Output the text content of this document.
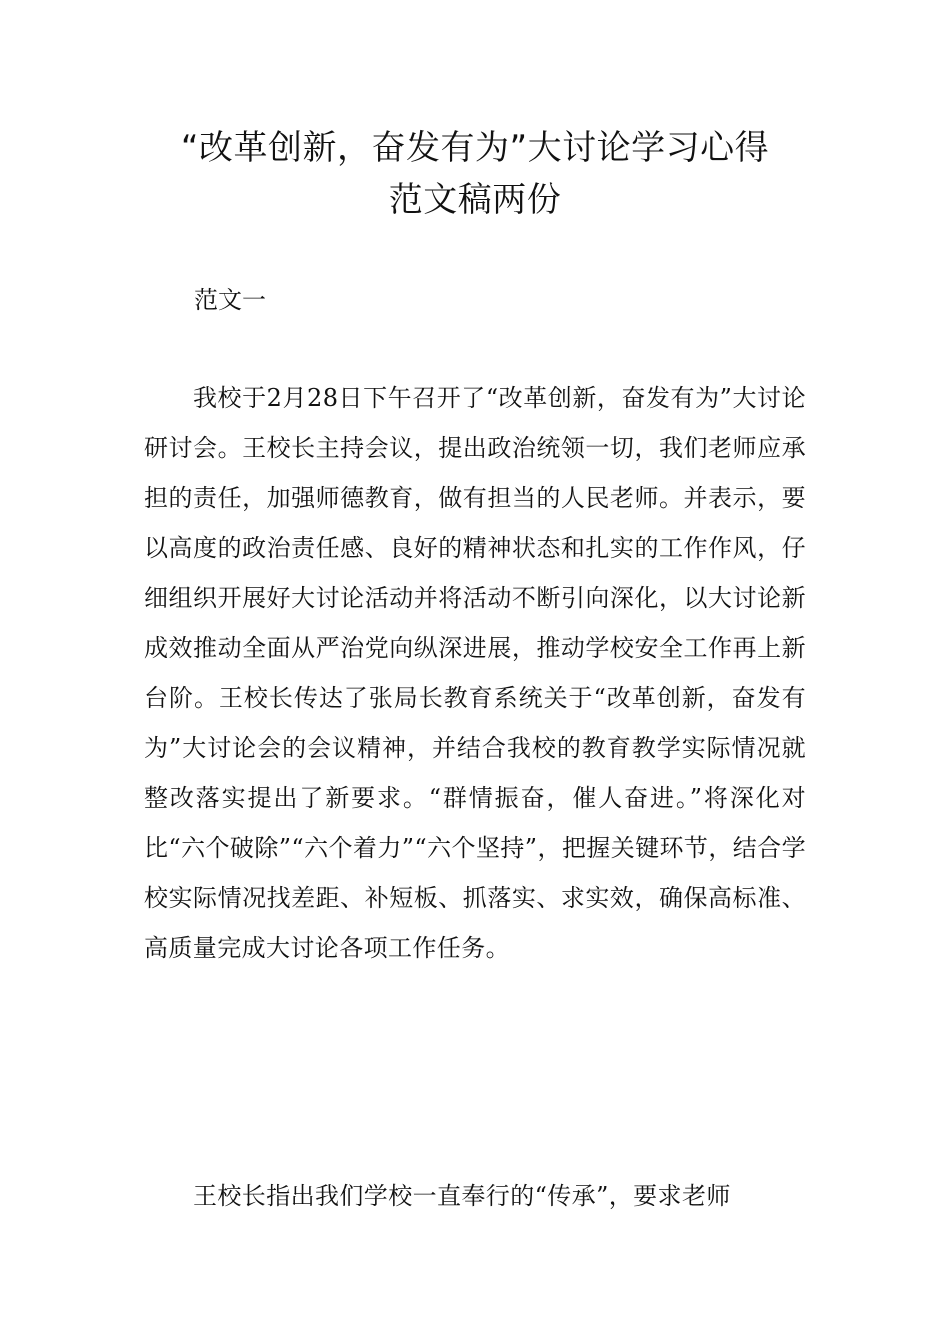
“改革创新，奋发有为”大讨论学习心得
范文稿两份

范文一

我校于2月28日下午召开了“改革创新，奋发有为”大讨论研讨会。王校长主持会议，提出政治统领一切，我们老师应承担的责任，加强师德教育，做有担当的人民老师。并表示，要以高度的政治责任感、良好的精神状态和扎实的工作作风，仔细组织开展好大讨论活动并将活动不断引向深化，以大讨论新成效推动全面从严治党向纵深进展，推动学校安全工作再上新台阶。王校长传达了张局长教育系统关于“改革创新，奋发有为”大讨论会的会议精神，并结合我校的教育教学实际情况就整改落实提出了新要求。“群情振奋，催人奋进。”将深化对比“六个破除”“六个着力”“六个坚持”，把握关键环节，结合学校实际情况找差距、补短板、抓落实、求实效，确保高标准、高质量完成大讨论各项工作任务。

王校长指出我们学校一直奉行的“传承”，要求老师
